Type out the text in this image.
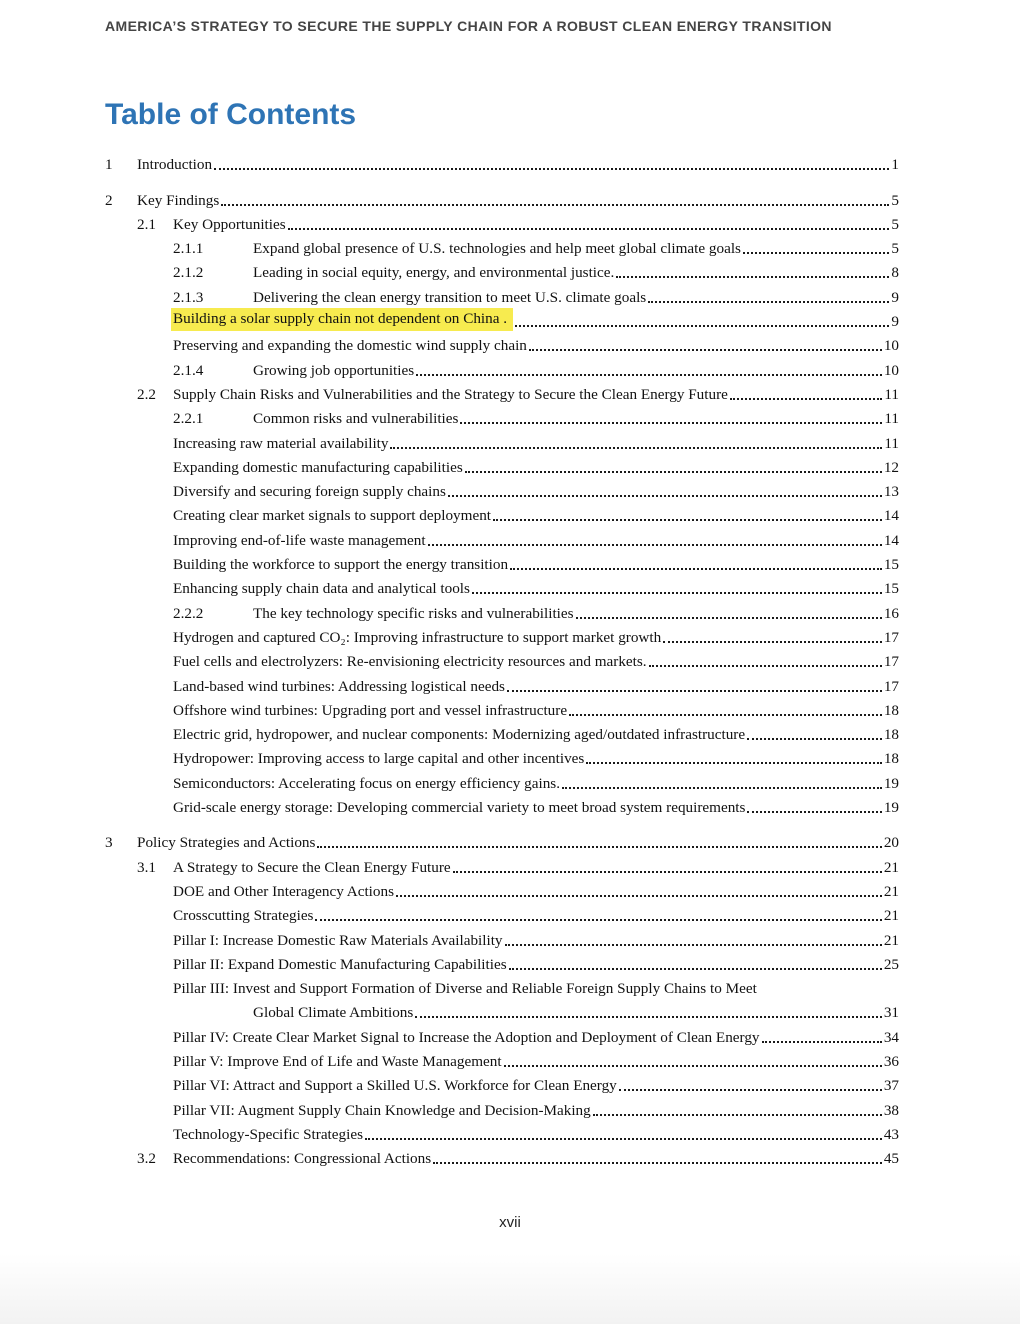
AMERICA’S STRATEGY TO SECURE THE SUPPLY CHAIN FOR A ROBUST CLEAN ENERGY TRANSITION
Table of Contents
1	Introduction	1
2	Key Findings	5
2.1	Key Opportunities	5
2.1.1	Expand global presence of U.S. technologies and help meet global climate goals	5
2.1.2	Leading in social equity, energy, and environmental justice.	8
2.1.3	Delivering the clean energy transition to meet U.S. climate goals	9
Building a solar supply chain not dependent on China .	9
Preserving and expanding the domestic wind supply chain	10
2.1.4	Growing job opportunities	10
2.2	Supply Chain Risks and Vulnerabilities and the Strategy to Secure the Clean Energy Future	11
2.2.1	Common risks and vulnerabilities	11
Increasing raw material availability	11
Expanding domestic manufacturing capabilities	12
Diversify and securing foreign supply chains	13
Creating clear market signals to support deployment	14
Improving end-of-life waste management	14
Building the workforce to support the energy transition	15
Enhancing supply chain data and analytical tools	15
2.2.2	The key technology specific risks and vulnerabilities	16
Hydrogen and captured CO₂: Improving infrastructure to support market growth	17
Fuel cells and electrolyzers: Re-envisioning electricity resources and markets.	17
Land-based wind turbines: Addressing logistical needs	17
Offshore wind turbines: Upgrading port and vessel infrastructure	18
Electric grid, hydropower, and nuclear components: Modernizing aged/outdated infrastructure	18
Hydropower: Improving access to large capital and other incentives	18
Semiconductors: Accelerating focus on energy efficiency gains.	19
Grid-scale energy storage: Developing commercial variety to meet broad system requirements	19
3	Policy Strategies and Actions	20
3.1	A Strategy to Secure the Clean Energy Future	21
DOE and Other Interagency Actions	21
Crosscutting Strategies	21
Pillar I: Increase Domestic Raw Materials Availability	21
Pillar II: Expand Domestic Manufacturing Capabilities	25
Pillar III: Invest and Support Formation of Diverse and Reliable Foreign Supply Chains to Meet
Global Climate Ambitions	31
Pillar IV: Create Clear Market Signal to Increase the Adoption and Deployment of Clean Energy	34
Pillar V: Improve End of Life and Waste Management	36
Pillar VI: Attract and Support a Skilled U.S. Workforce for Clean Energy	37
Pillar VII: Augment Supply Chain Knowledge and Decision-Making	38
Technology-Specific Strategies	43
3.2	Recommendations: Congressional Actions	45
xvii
